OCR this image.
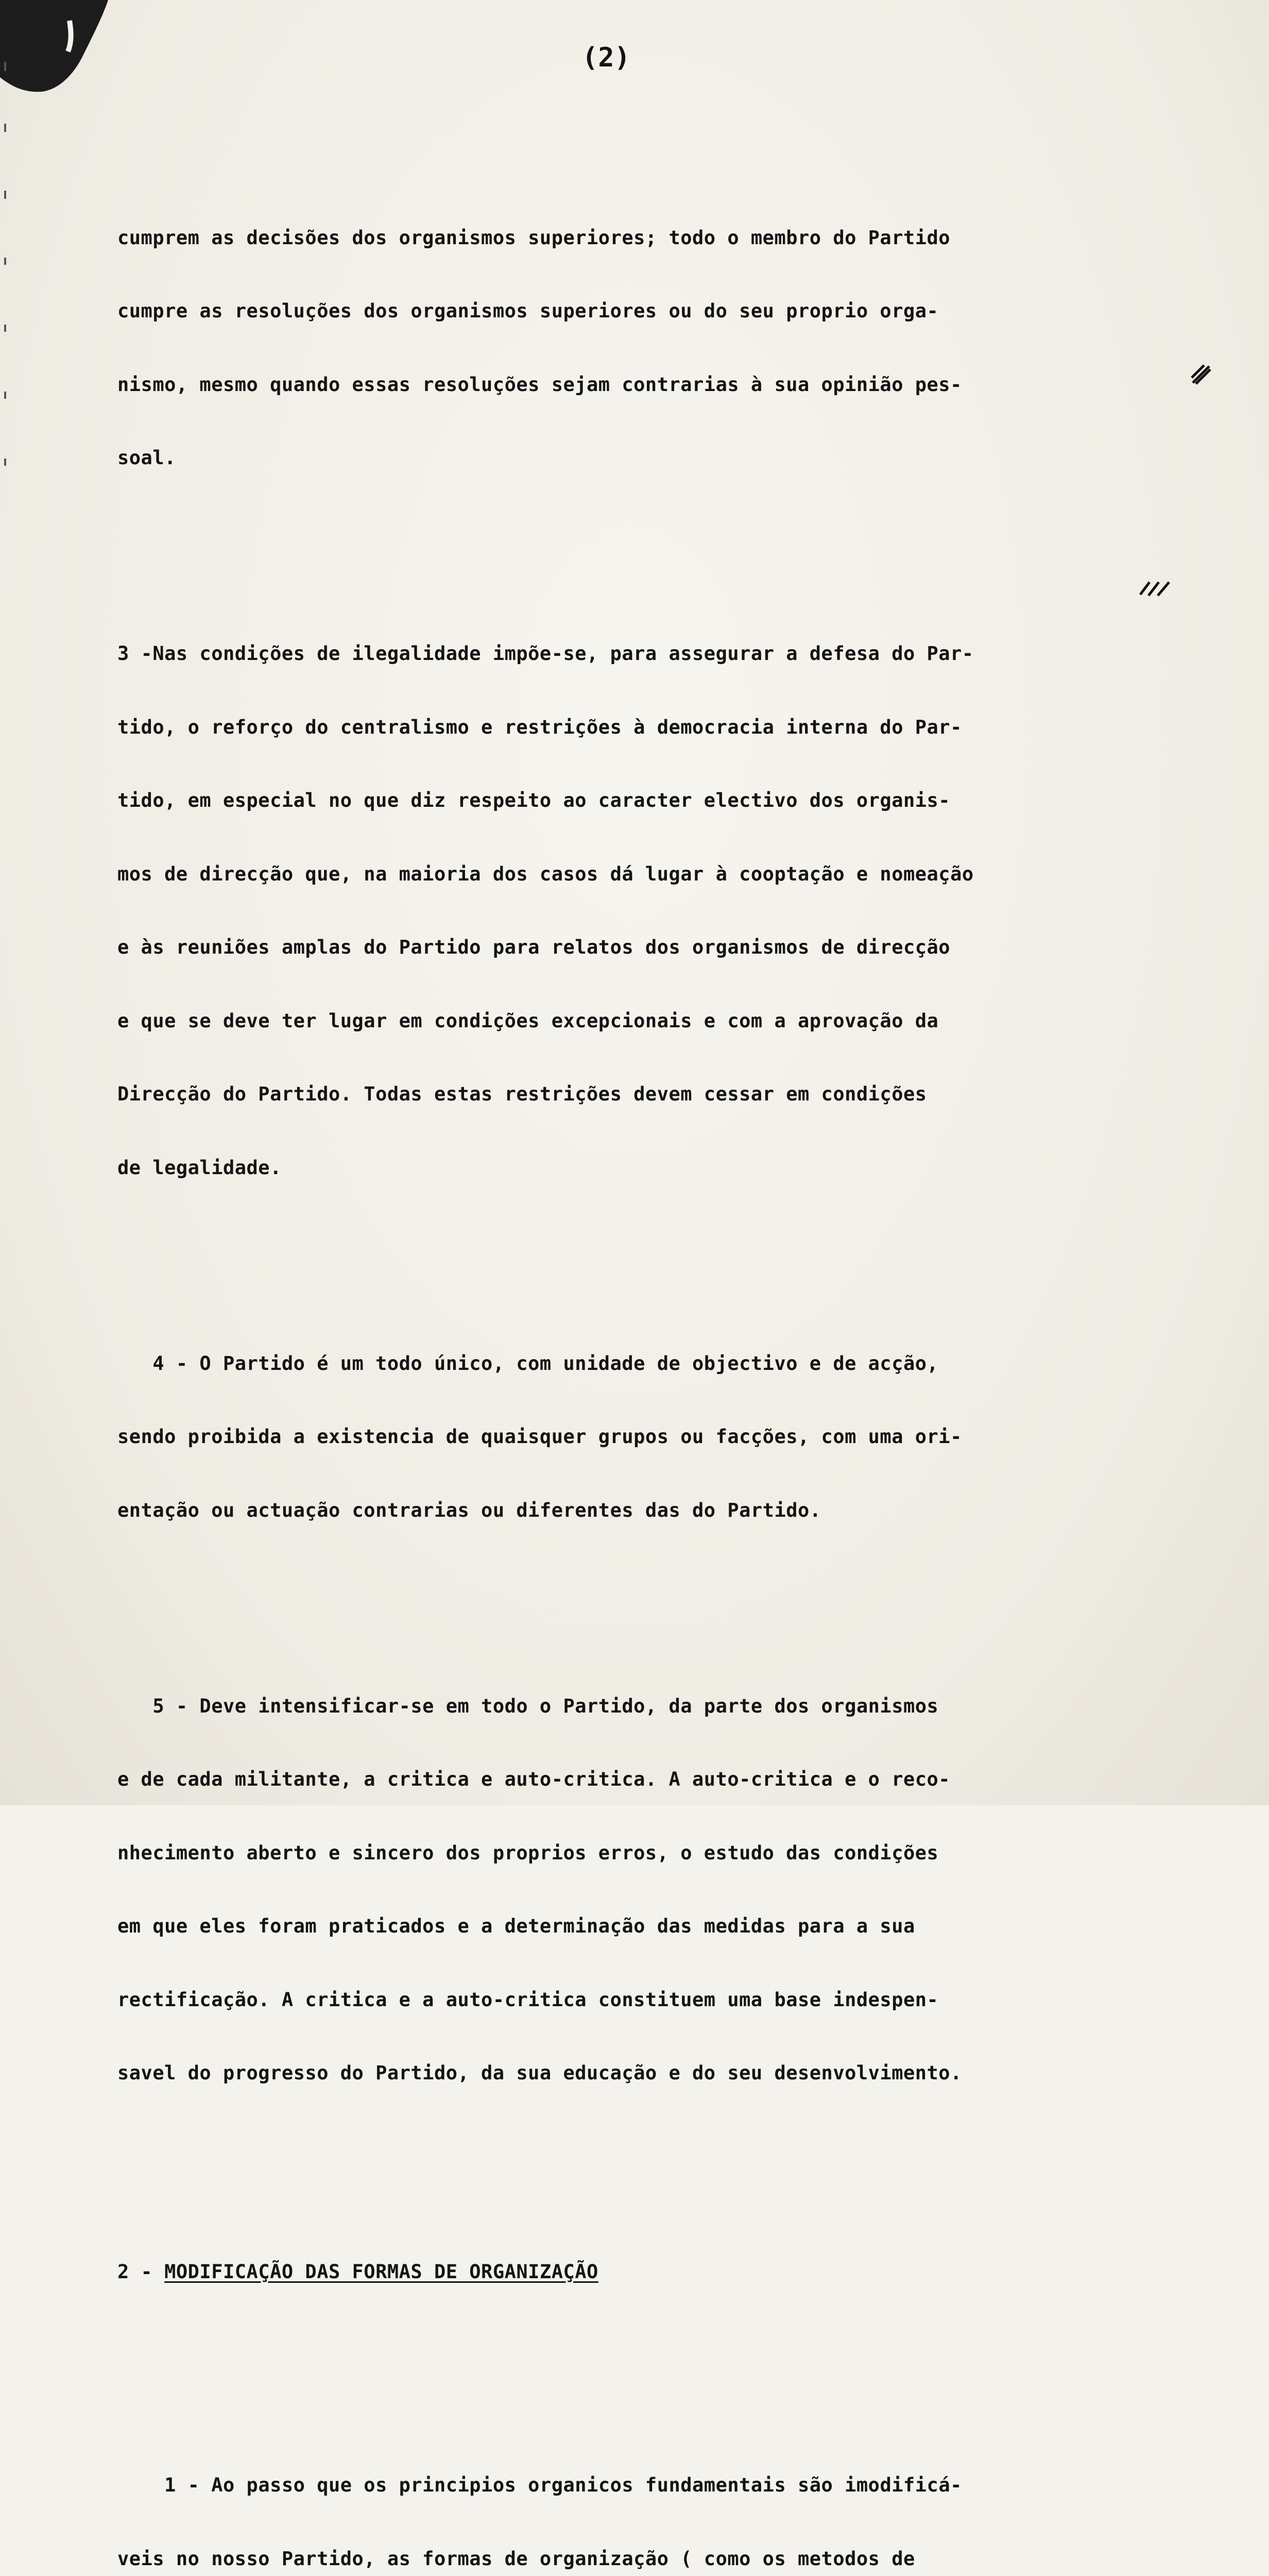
(2)

cumprem as decisões dos organismos superiores; todo o membro do Partido

cumpre as resoluções dos organismos superiores ou do seu proprio orga-

nismo, mesmo quando essas resoluções sejam contrarias à sua opinião pes-

soal.

3 -Nas condições de ilegalidade impõe-se, para assegurar a defesa do Par-

tido, o reforço do centralismo e restrições à democracia interna do Par-

tido, em especial no que diz respeito ao caracter electivo dos organis-

mos de direcção que, na maioria dos casos dá lugar à cooptação e nomeação

e às reuniões amplas do Partido para relatos dos organismos de direcção

e que se deve ter lugar em condições excepcionais e com a aprovação da

Direcção do Partido. Todas estas restrições devem cessar em condições

de legalidade.

4 - O Partido é um todo único, com unidade de objectivo e de acção,

sendo proibida a existencia de quaisquer grupos ou facções, com uma ori-

entação ou actuação contrarias ou diferentes das do Partido.

5 - Deve intensificar-se em todo o Partido, da parte dos organismos

e de cada militante, a critica e auto-critica. A auto-critica e o reco-

nhecimento aberto e sincero dos proprios erros, o estudo das condições

em que eles foram praticados e a determinação das medidas para a sua

rectificação. A critica e a auto-critica constituem uma base indespen-

savel do progresso do Partido, da sua educação e do seu desenvolvimento.

2 - MODIFICAÇÃO DAS FORMAS DE ORGANIZAÇÃO

1 - Ao passo que os principios organicos fundamentais são imodificá-

veis no nosso Partido, as formas de organização ( como os metodos de
